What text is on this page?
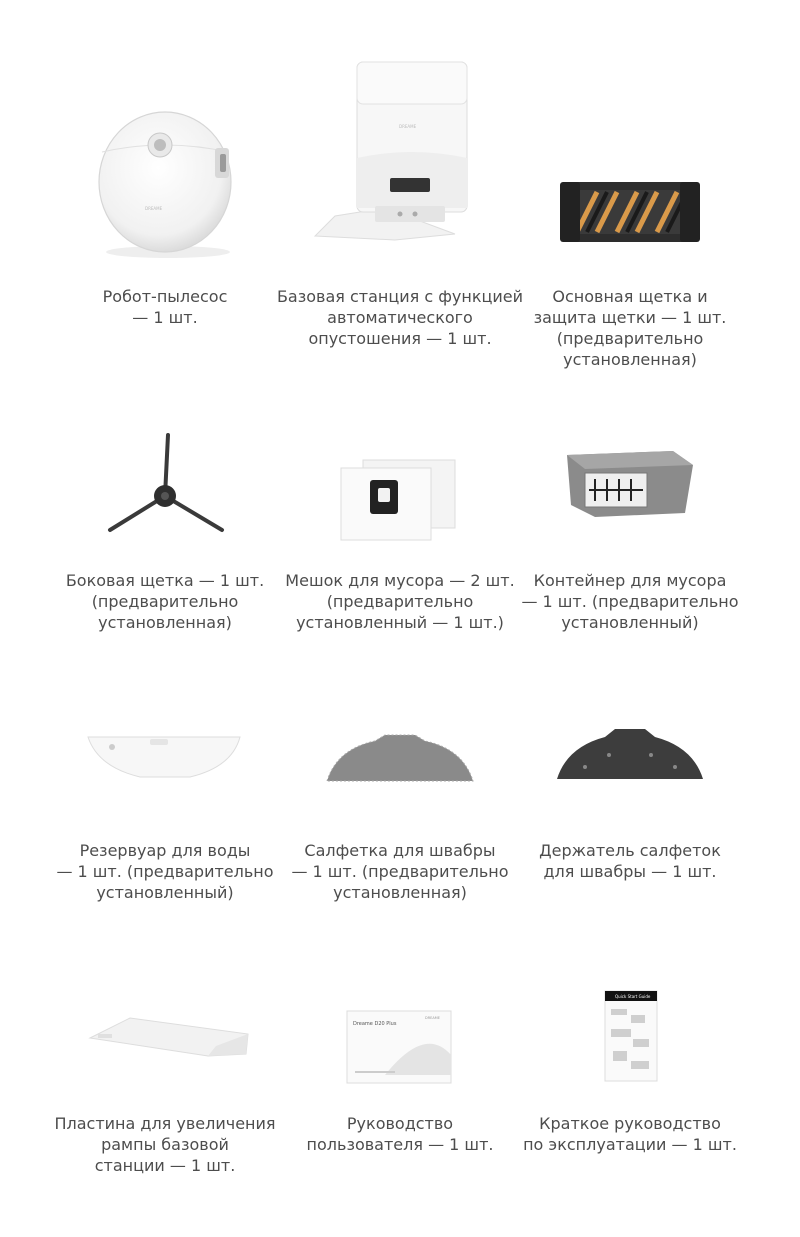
DREAME
Робот-пылесос
— 1 шт.
DREAME
Базовая станция с функцией
автоматического
опустошения — 1 шт.
Основная щетка и
защита щетки — 1 шт.
(предварительно
установленная)
Боковая щетка — 1 шт.
(предварительно
установленная)
Мешок для мусора — 2 шт.
(предварительно
установленный — 1 шт.)
Контейнер для мусора
— 1 шт. (предварительно
установленный)
Резервуар для воды
— 1 шт. (предварительно
установленный)
Салфетка для швабры
— 1 шт. (предварительно
установленная)
Держатель салфеток
для швабры — 1 шт.
Пластина для увеличения
рампы базовой
станции — 1 шт.
Dreame D20 Plus
DREAME
Руководство
пользователя — 1 шт.
Quick Start Guide
Краткое руководство
по эксплуатации — 1 шт.
